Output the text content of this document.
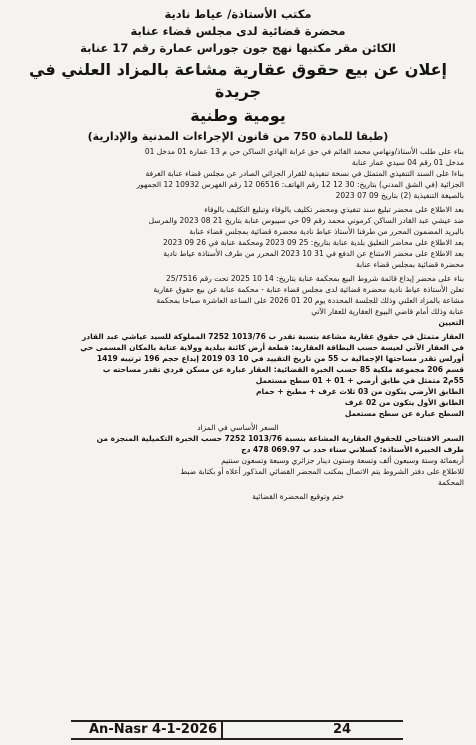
مكتب الأستاذة/ عياط نادية
محضرة قضائية لدى مجلس قضاء عنابة
الكائن مقر مكتبها نهج جون جوراس عمارة رقم 17 عنابة
إعلان عن بيع حقوق عقارية مشاعة بالمزاد العلني في جريدة
يومية وطنية
(طبقا للمادة 750 من قانون الإجراءات المدنية والإدارية)
بناء على طلب الأستاذ/ونهامي محمد القائم في حق غرابة الهادي الساكن حي م 13 عمارة 01 مدخل 01
مدخل 01 رقم 04 سيدي عمار عنابة
بناءا على السند التنفيذي المتمثل في نسخة تنفيذية للقرار الجزائي الصادر عن مجلس قضاء عنابة الغرفة
الجزائية (في الشق المدني) بتاريخ: 30 12 12 رقم الهاتف: 06516 12 رقم الفهرس 10932 12 الجمهور
بالصيغة التنفيذية (2) بتاريخ 09 07 2023
بعد الاطلاع على محضر تبليغ سند تنفيذي ومحضر تكليف بالوفاء وتبليغ التكليف بالوفاء
ضد عيشي عبد القادر الساكن كرموني محمد رقم 09 حي سيبوس عنابة بتاريخ 21 08 2023 والمرسل
بالبريد المضمون المحرر من طرفنا الأستاذ عياط نادية محضرة قضائية بمجلس قضاء عنابة
بعد الاطلاع على محاضر التعليق بلدية عنابة بتاريخ: 25 09 2023 ومحكمة عنابة في 26 09 2023
بعد الاطلاع على محضر الامتناع عن الدفع في 31 10 2023 المحرر من طرف الأستاذة عياط نادية
محضرة قضائية بمجلس قضاء عنابة
بناء على محضر إيداع قائمة شروط البيع بمحكمة عنابة بتاريخ: 14 10 2025 تحت رقم 25/7516
تعلن الأستاذة عياط نادية محضرة قضائية لدى مجلس قضاء عنابة - محكمة عنابة عن بيع حقوق عقارية
مشاعة بالمزاد العلني وذلك للجلسة المحددة يوم 20 01 2026 على الساعة العاشرة صباحا بمحكمة
عنابة وذلك أمام قاضي البيوع العقارية للعقار الآتي
التعيين
العقار متمثل في حقوق عقارية مشاعة بنسبة تقدر ب 1013/76 7252 المملوكة للسيد عياشي عبد القادر
في العقار الآتي لعيسة حسب البطاقة العقارية: قطعة أرض كائنة ببلدية وولاية عنابة بالمكان المسمى حي
أورلس تقدر مساحتها الإجمالية ب 55 من تاريخ التقييد في 10 03 2019 إيداع حجم 196 ترتيبه 1419
قسم 206 مجموعة ملكية 85 حسب الخبرة القضائية: العقار عبارة عن مسكن فردي تقدر مساحته ب
55م2 متمثل في طابق أرضي + 01 + 01 سطح مستعمل
الطابق الأرضي يتكون من 03 ثلاث غرف + مطبخ + حمام
الطابق الأول يتكون من 02 غرف
السطح عبارة عن سطح مستعمل
السعر الأساسي في المزاد
السعر الافتتاحي للحقوق العقارية المشاعة بنسبة 1013/76 7252 حسب الخبرة التكميلية المنجزة من
طرف الخبيرة الأستاذة: كسلاني سناء حدد ب 069.97 478 دج
أربعمائة وستة وسبعون ألف وتسعة وستون دينار جزائري وسبعة وتسعون سنتيم
للاطلاع على دفتر الشروط يتم الاتصال بمكتب المحضر القضائي المذكور أعلاه أو بكتابة ضبط
المحكمة
ختم وتوقيع المحضرة القضائية
An-Nasr 4-1-2026	24
